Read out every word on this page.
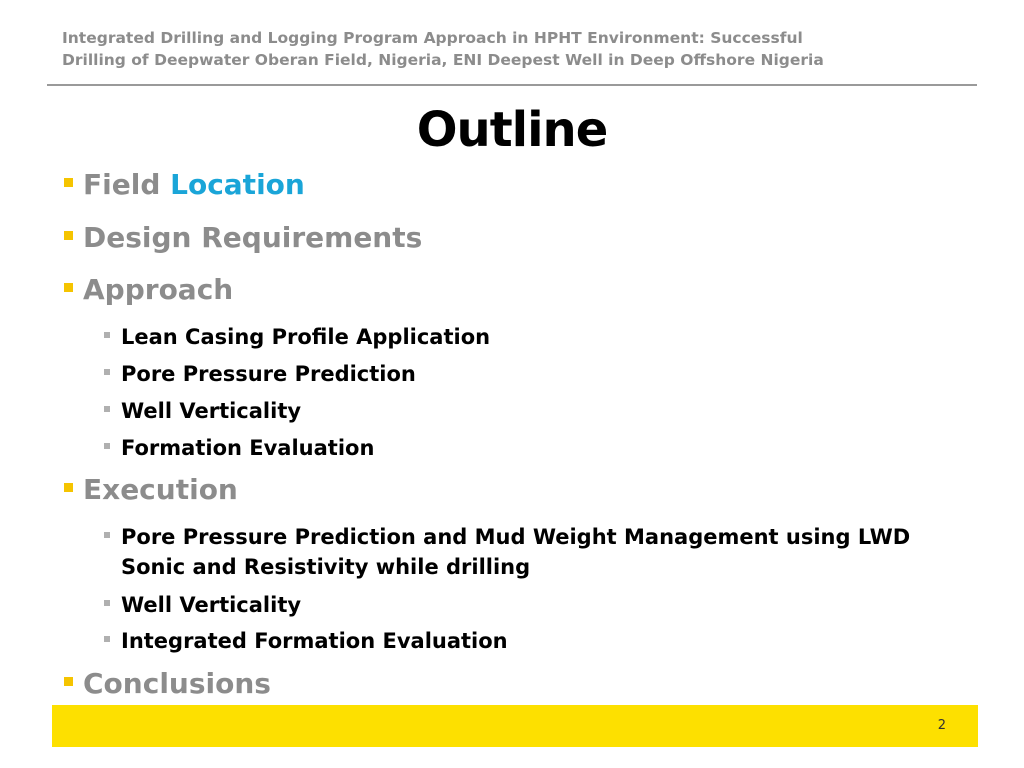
Integrated Drilling and Logging Program Approach in HPHT Environment: Successful
Drilling of Deepwater Oberan Field, Nigeria, ENI Deepest Well in Deep Offshore Nigeria
Outline
Field Location
Design Requirements
Approach
Lean Casing Profile Application
Pore Pressure Prediction
Well Verticality
Formation Evaluation
Execution
Pore Pressure Prediction and Mud Weight Management using LWD Sonic and Resistivity while drilling
Well Verticality
Integrated Formation Evaluation
Conclusions
2
